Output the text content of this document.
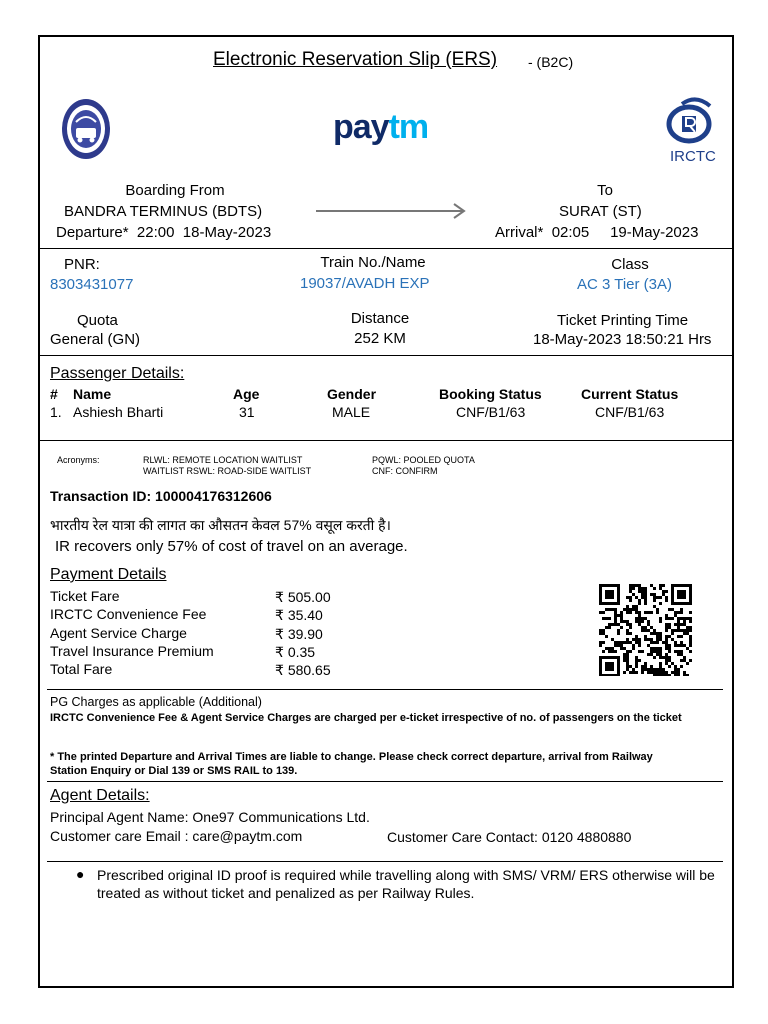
Electronic Reservation Slip (ERS) - (B2C)
paytm
IRCTC
Boarding From
BANDRA TERMINUS (BDTS)
Departure* 22:00 18-May-2023
To
SURAT (ST)
Arrival* 02:05 19-May-2023
PNR:
8303431077
Train No./Name
19037/AVADH EXP
Class
AC 3 Tier (3A)
Quota
General (GN)
Distance
252 KM
Ticket Printing Time
18-May-2023 18:50:21 Hrs
Passenger Details:
# Name	Age	Gender	Booking Status	Current Status
1. Ashiesh Bharti	31	MALE	CNF/B1/63	CNF/B1/63
Acronyms:	RLWL: REMOTE LOCATION WAITLIST
WAITLIST RSWL: ROAD-SIDE WAITLIST
PQWL: POOLED QUOTA
CNF: CONFIRM
Transaction ID: 100004176312606
भारतीय रेल यात्रा की लागत का औसतन केवल 57% वसूल करती है।
IR recovers only 57% of cost of travel on an average.
Payment Details
Ticket Fare	₹ 505.00
IRCTC Convenience Fee	₹ 35.40
Agent Service Charge	₹ 39.90
Travel Insurance Premium	₹ 0.35
Total Fare	₹ 580.65
PG Charges as applicable (Additional)
IRCTC Convenience Fee & Agent Service Charges are charged per e-ticket irrespective of no. of passengers on the ticket
* The printed Departure and Arrival Times are liable to change. Please check correct departure, arrival from Railway Station Enquiry or Dial 139 or SMS RAIL to 139.
Agent Details:
Principal Agent Name: One97 Communications Ltd.
Customer care Email : care@paytm.com	Customer Care Contact: 0120 4880880
● Prescribed original ID proof is required while travelling along with SMS/ VRM/ ERS otherwise will be treated as without ticket and penalized as per Railway Rules.
